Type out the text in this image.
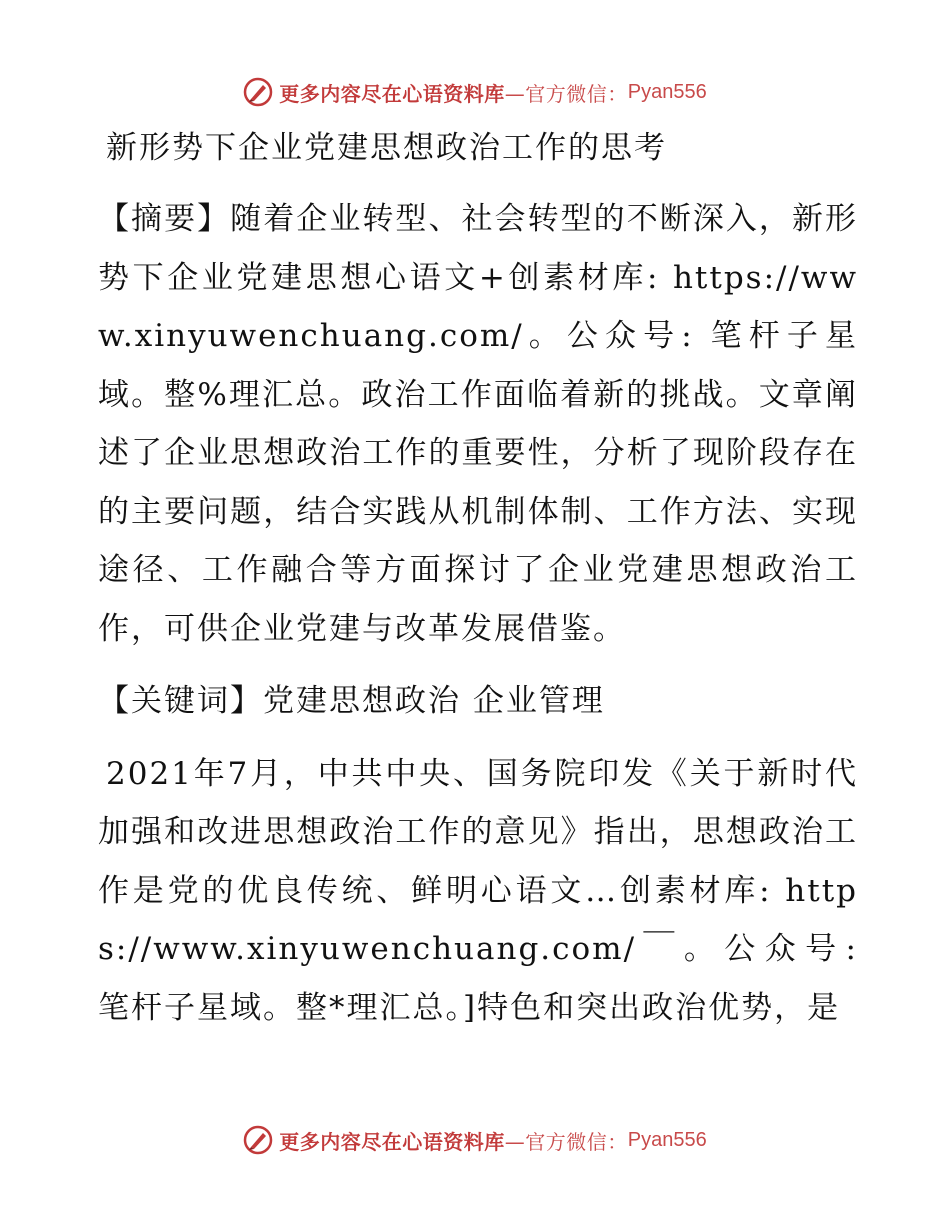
更多内容尽在心语资料库 —官方微信： Pyan556
新形势下企业党建思想政治工作的思考

【摘要】随着企业转型、社会转型的不断深入，新形势下企业党建思想心语文+创素材库: https://www.xinyuwenchuang.com/。公众号: 笔杆子星域。整%理汇总。政治工作面临着新的挑战。文章阐述了企业思想政治工作的重要性，分析了现阶段存在的主要问题，结合实践从机制体制、工作方法、实现途径、工作融合等方面探讨了企业党建思想政治工作，可供企业党建与改革发展借鉴。

【关键词】党建思想政治 企业管理

2021年7月，中共中央、国务院印发《关于新时代加强和改进思想政治工作的意见》指出，思想政治工作是党的优良传统、鲜明心语文…创素材库: https://www.xinyuwenchuang.com/￣。公众号: 笔杆子星域。整*理汇总。]特色和突出政治优势，是

更多内容尽在心语资料库 —官方微信： Pyan556
